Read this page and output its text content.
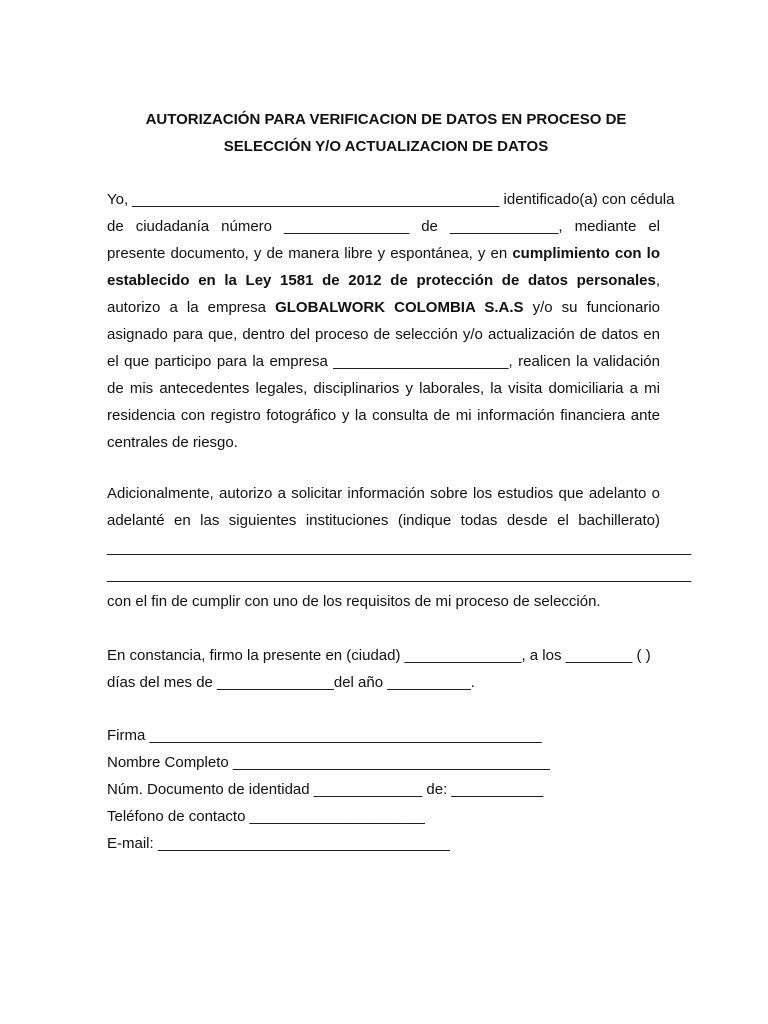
AUTORIZACIÓN PARA VERIFICACION DE DATOS EN PROCESO DE
SELECCIÓN Y/O ACTUALIZACION DE DATOS
Yo, ____________________________________________ identificado(a) con cédula
de ciudadanía número _______________ de _____________, mediante el
presente documento, y de manera libre y espontánea, y en cumplimiento con lo
establecido en la Ley 1581 de 2012 de protección de datos personales,
autorizo a la empresa GLOBALWORK COLOMBIA S.A.S y/o su funcionario
asignado para que, dentro del proceso de selección y/o actualización de datos en
el que participo para la empresa _____________________, realicen la validación
de mis antecedentes legales, disciplinarios y laborales, la visita domiciliaria a mi
residencia con registro fotográfico y la consulta de mi información financiera ante
centrales de riesgo.
Adicionalmente, autorizo a solicitar información sobre los estudios que adelanto o
adelanté en las siguientes instituciones (indique todas desde el bachillerato)
______________________________________________________________________
______________________________________________________________________
con el fin de cumplir con uno de los requisitos de mi proceso de selección.
En constancia, firmo la presente en (ciudad) ______________, a los ________ ( )
días del mes de ______________del año __________.
Firma _______________________________________________
Nombre Completo ______________________________________
Núm. Documento de identidad _____________ de: ___________
Teléfono de contacto _____________________
E-mail: ___________________________________
